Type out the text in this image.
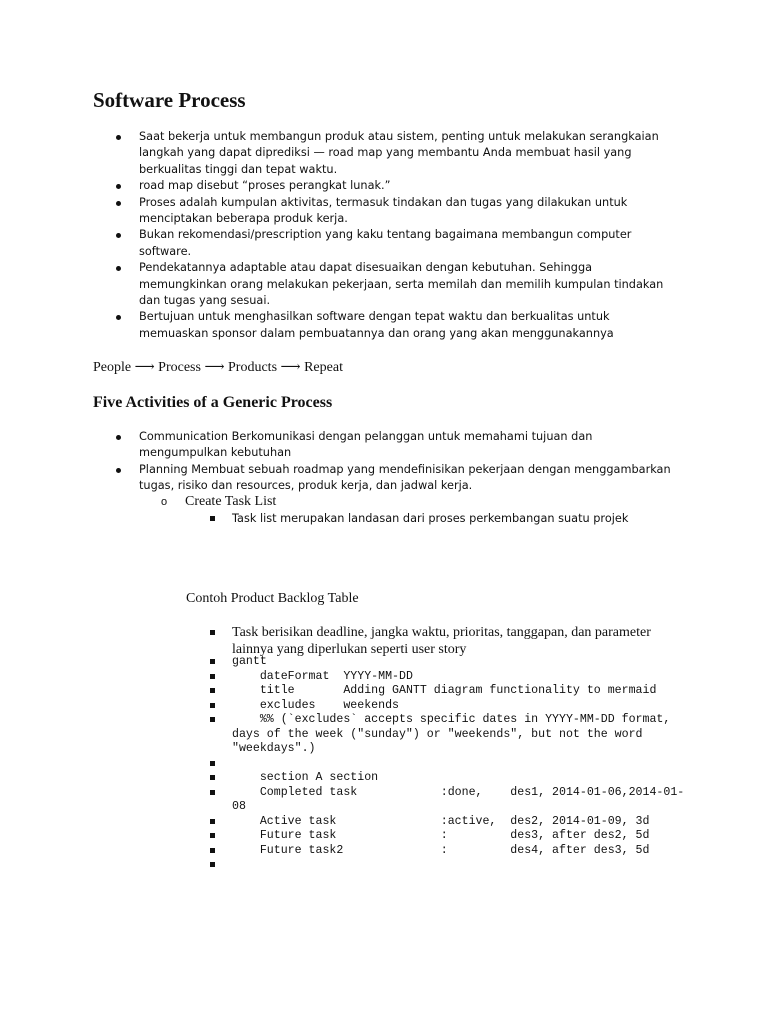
Software Process
Saat bekerja untuk membangun produk atau sistem, penting untuk melakukan serangkaian langkah yang dapat diprediksi — road map yang membantu Anda membuat hasil yang berkualitas tinggi dan tepat waktu.
road map disebut “proses perangkat lunak.”
Proses adalah kumpulan aktivitas, termasuk tindakan dan tugas yang dilakukan untuk menciptakan beberapa produk kerja.
Bukan rekomendasi/prescription yang kaku tentang bagaimana membangun computer software.
Pendekatannya adaptable atau dapat disesuaikan dengan kebutuhan. Sehingga memungkinkan orang melakukan pekerjaan, serta memilah dan memilih kumpulan tindakan dan tugas yang sesuai.
Bertujuan untuk menghasilkan software dengan tepat waktu dan berkualitas untuk memuaskan sponsor dalam pembuatannya dan orang yang akan menggunakannya

People ⟶ Process ⟶ Products ⟶ Repeat

Five Activities of a Generic Process
Communication Berkomunikasi dengan pelanggan untuk memahami tujuan dan mengumpulkan kebutuhan
Planning Membuat sebuah roadmap yang mendefinisikan pekerjaan dengan menggambarkan tugas, risiko dan resources, produk kerja, dan jadwal kerja.
o Create Task List
Task list merupakan landasan dari proses perkembangan suatu projek

Contoh Product Backlog Table

Task berisikan deadline, jangka waktu, prioritas, tanggapan, dan parameter lainnya yang diperlukan seperti user story
gantt
dateFormat  YYYY-MM-DD
title       Adding GANTT diagram functionality to mermaid
excludes    weekends
%% (`excludes` accepts specific dates in YYYY-MM-DD format, days of the week ("sunday") or "weekends", but not the word "weekdays".)
section A section
Completed task            :done,    des1, 2014-01-06,2014-01-08
Active task               :active,  des2, 2014-01-09, 3d
Future task               :         des3, after des2, 5d
Future task2              :         des4, after des3, 5d
